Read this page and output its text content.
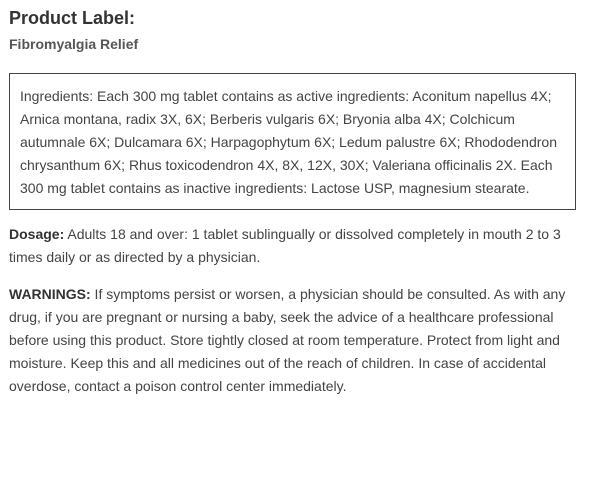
Product Label:
Fibromyalgia Relief
Ingredients: Each 300 mg tablet contains as active ingredients: Aconitum napellus 4X; Arnica montana, radix 3X, 6X; Berberis vulgaris 6X; Bryonia alba 4X; Colchicum autumnale 6X; Dulcamara 6X; Harpagophytum 6X; Ledum palustre 6X; Rhododendron chrysanthum 6X; Rhus toxicodendron 4X, 8X, 12X, 30X; Valeriana officinalis 2X. Each 300 mg tablet contains as inactive ingredients: Lactose USP, magnesium stearate.

Dosage: Adults 18 and over: 1 tablet sublingually or dissolved completely in mouth 2 to 3 times daily or as directed by a physician.

WARNINGS: If symptoms persist or worsen, a physician should be consulted. As with any drug, if you are pregnant or nursing a baby, seek the advice of a healthcare professional before using this product. Store tightly closed at room temperature. Protect from light and moisture. Keep this and all medicines out of the reach of children. In case of accidental overdose, contact a poison control center immediately.
